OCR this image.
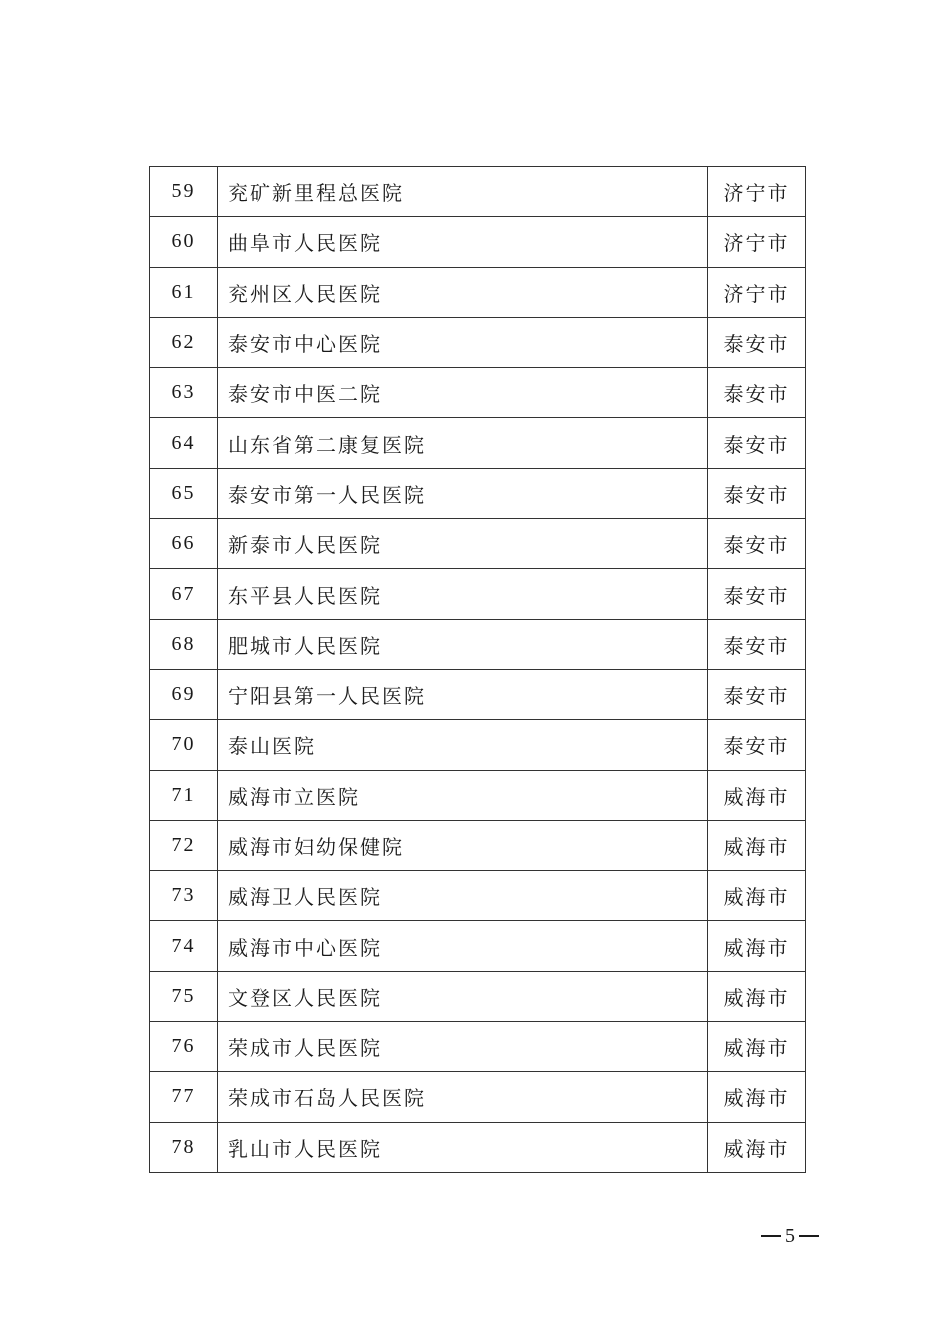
59	兖矿新里程总医院	济宁市
60	曲阜市人民医院	济宁市
61	兖州区人民医院	济宁市
62	泰安市中心医院	泰安市
63	泰安市中医二院	泰安市
64	山东省第二康复医院	泰安市
65	泰安市第一人民医院	泰安市
66	新泰市人民医院	泰安市
67	东平县人民医院	泰安市
68	肥城市人民医院	泰安市
69	宁阳县第一人民医院	泰安市
70	泰山医院	泰安市
71	威海市立医院	威海市
72	威海市妇幼保健院	威海市
73	威海卫人民医院	威海市
74	威海市中心医院	威海市
75	文登区人民医院	威海市
76	荣成市人民医院	威海市
77	荣成市石岛人民医院	威海市
78	乳山市人民医院	威海市
5
